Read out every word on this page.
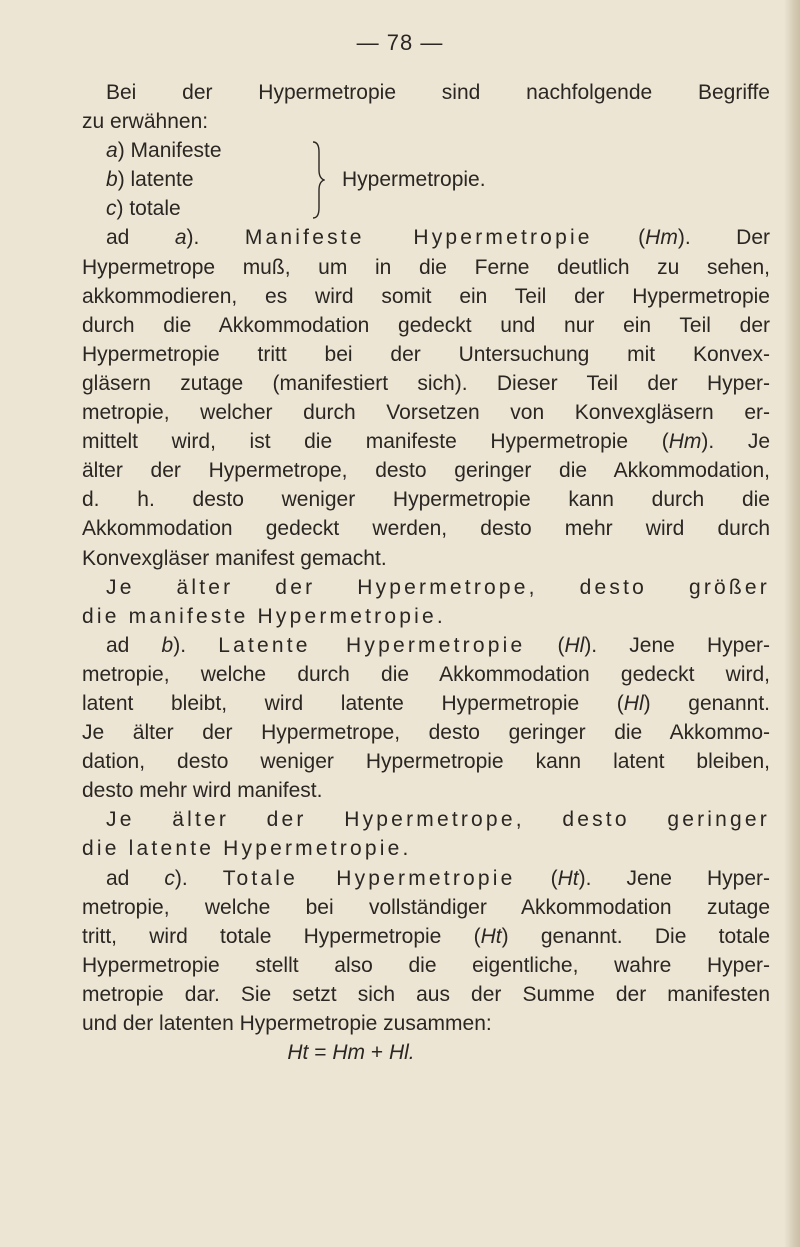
— 78 —
Bei der Hypermetropie sind nachfolgende Begriffe
zu erwähnen:
a) Manifeste
b) latente
c) totale
Hypermetropie.
ad a). Manifeste Hypermetropie (Hm). Der
Hypermetrope muß, um in die Ferne deutlich zu sehen,
akkommodieren, es wird somit ein Teil der Hypermetropie
durch die Akkommodation gedeckt und nur ein Teil der
Hypermetropie tritt bei der Untersuchung mit Konvex-
gläsern zutage (manifestiert sich). Dieser Teil der Hyper-
metropie, welcher durch Vorsetzen von Konvexgläsern er-
mittelt wird, ist die manifeste Hypermetropie (Hm). Je
älter der Hypermetrope, desto geringer die Akkommodation,
d. h. desto weniger Hypermetropie kann durch die
Akkommodation gedeckt werden, desto mehr wird durch
Konvexgläser manifest gemacht.
Je älter der Hypermetrope, desto größer
die manifeste Hypermetropie.
ad b). Latente Hypermetropie (Hl). Jene Hyper-
metropie, welche durch die Akkommodation gedeckt wird,
latent bleibt, wird latente Hypermetropie (Hl) genannt.
Je älter der Hypermetrope, desto geringer die Akkommo-
dation, desto weniger Hypermetropie kann latent bleiben,
desto mehr wird manifest.
Je älter der Hypermetrope, desto geringer
die latente Hypermetropie.
ad c). Totale Hypermetropie (Ht). Jene Hyper-
metropie, welche bei vollständiger Akkommodation zutage
tritt, wird totale Hypermetropie (Ht) genannt. Die totale
Hypermetropie stellt also die eigentliche, wahre Hyper-
metropie dar. Sie setzt sich aus der Summe der manifesten
und der latenten Hypermetropie zusammen:
Ht = Hm + Hl.
